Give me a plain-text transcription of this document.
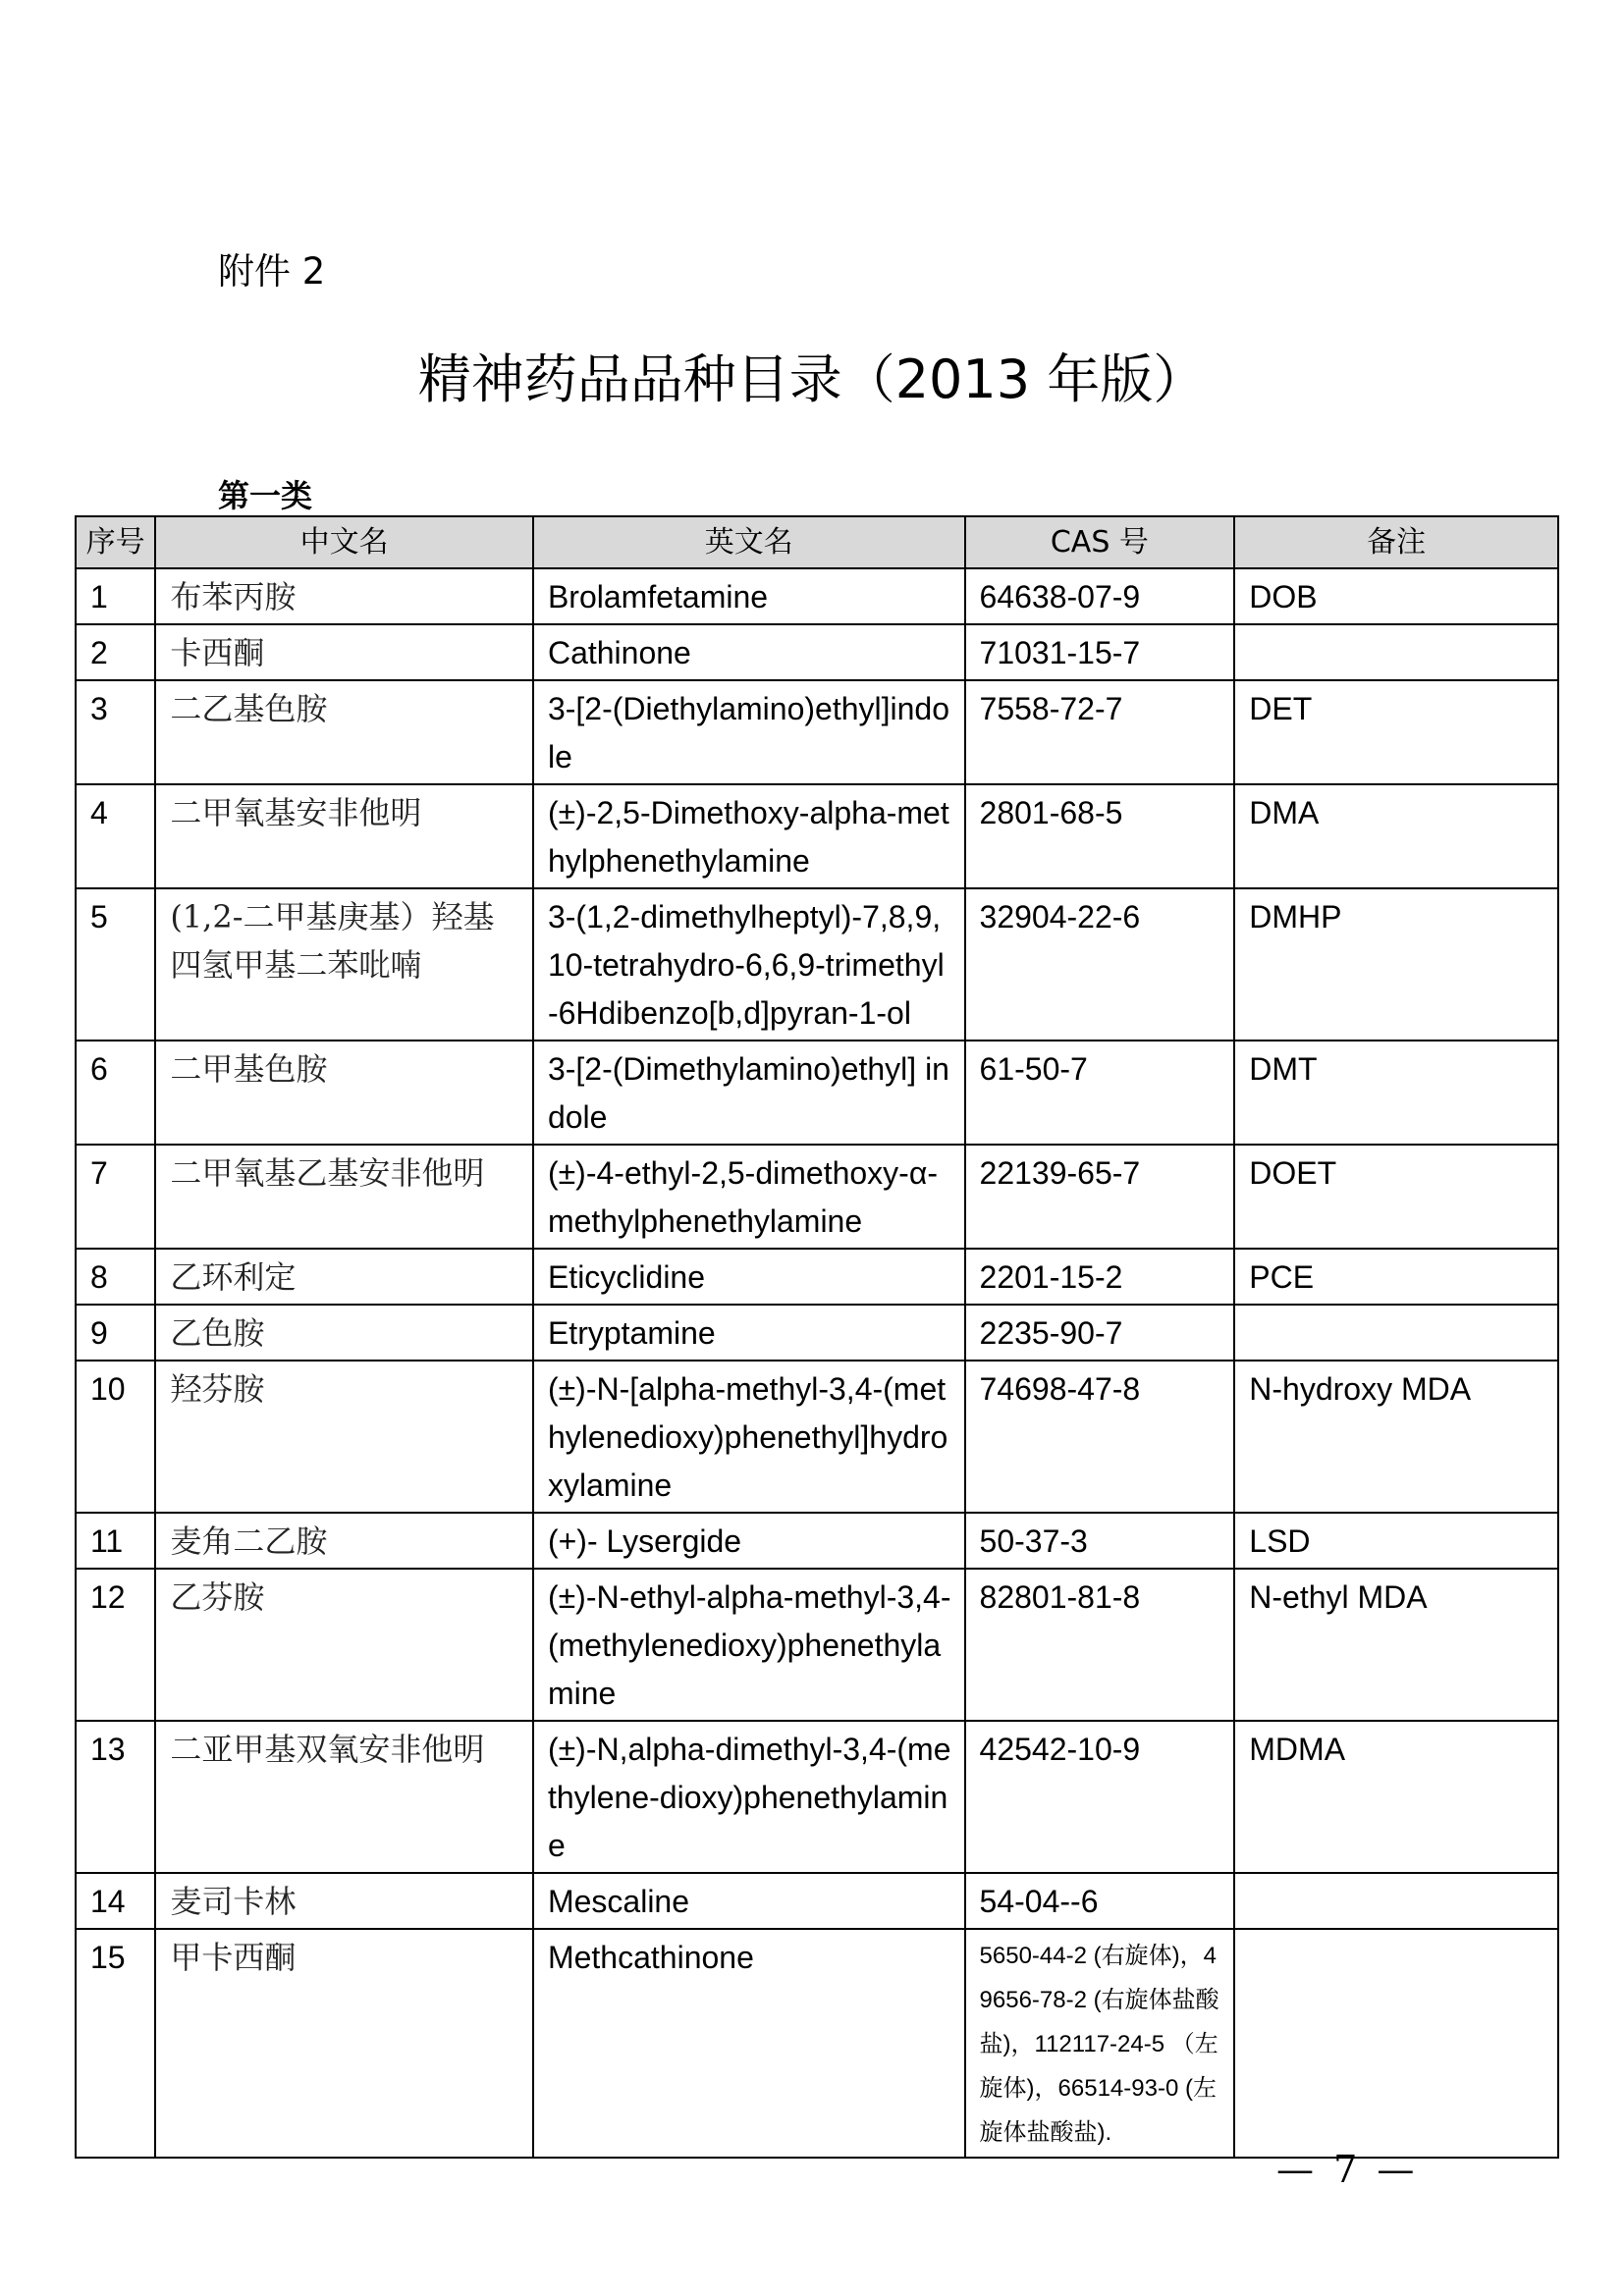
附件 2
精神药品品种目录（2013 年版）
第一类
序号	中文名	英文名	CAS 号	备注
1	布苯丙胺	Brolamfetamine	64638-07-9	DOB
2	卡西酮	Cathinone	71031-15-7	
3	二乙基色胺	3-[2-(Diethylamino)ethyl]indole	7558-72-7	DET
4	二甲氧基安非他明	(±)-2,5-Dimethoxy-alpha-methylphenethylamine	2801-68-5	DMA
5	(1,2-二甲基庚基）羟基四氢甲基二苯吡喃	3-(1,2-dimethylheptyl)-7,8,9,10-tetrahydro-6,6,9-trimethyl-6Hdibenzo[b,d]pyran-1-ol	32904-22-6	DMHP
6	二甲基色胺	3-[2-(Dimethylamino)ethyl] indole	61-50-7	DMT
7	二甲氧基乙基安非他明	(±)-4-ethyl-2,5-dimethoxy-α-methylphenethylamine	22139-65-7	DOET
8	乙环利定	Eticyclidine	2201-15-2	PCE
9	乙色胺	Etryptamine	2235-90-7	
10	羟芬胺	(±)-N-[alpha-methyl-3,4-(methylenedioxy)phenethyl]hydroxylamine	74698-47-8	N-hydroxy MDA
11	麦角二乙胺	(+)- Lysergide	50-37-3	LSD
12	乙芬胺	(±)-N-ethyl-alpha-methyl-3,4-(methylenedioxy)phenethylamine	82801-81-8	N-ethyl MDA
13	二亚甲基双氧安非他明	(±)-N,alpha-dimethyl-3,4-(methylene-dioxy)phenethylamine	42542-10-9	MDMA
14	麦司卡林	Mescaline	54-04--6	
15	甲卡西酮	Methcathinone	5650-44-2 (右旋体)，49656-78-2 (右旋体盐酸盐)，112117-24-5 （左旋体)，66514-93-0 (左旋体盐酸盐).	
— 7 —
